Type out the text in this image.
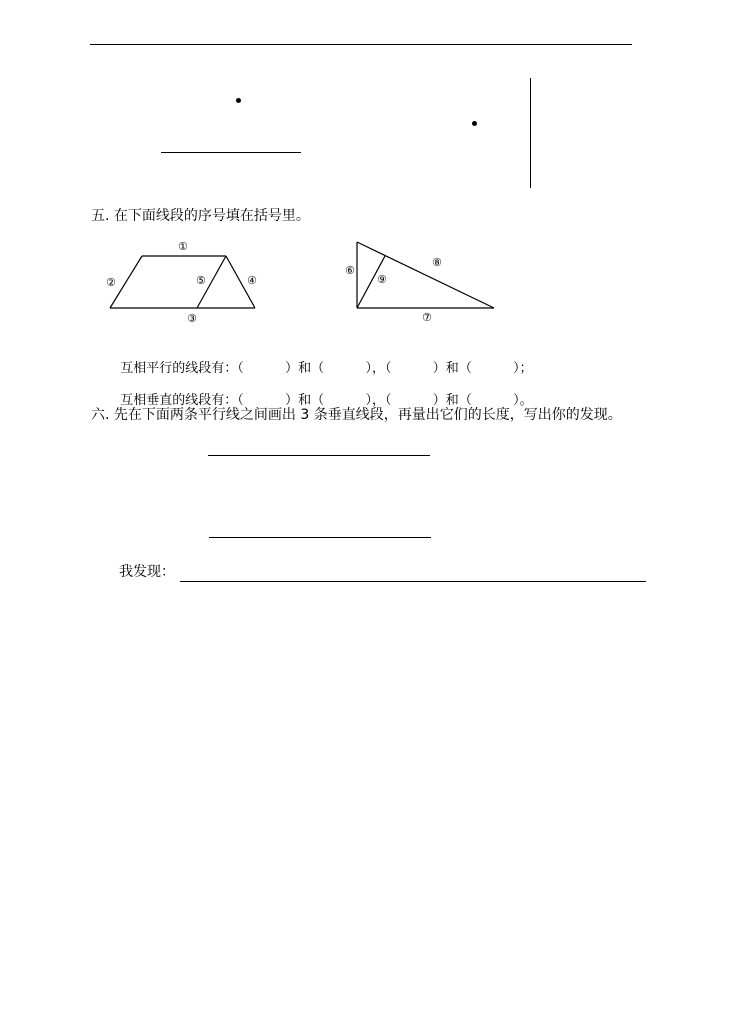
五. 在下面线段的序号填在括号里。
①
②
③
④
⑤
⑥
⑦
⑧
⑨

互相平行的线段有：（          ）和（          ），（          ）和（          ）；

互相垂直的线段有：（          ）和（          ），（          ）和（          ）。

六. 先在下面两条平行线之间画出 3 条垂直线段，再量出它们的长度，写出你的发现。
我发现：
